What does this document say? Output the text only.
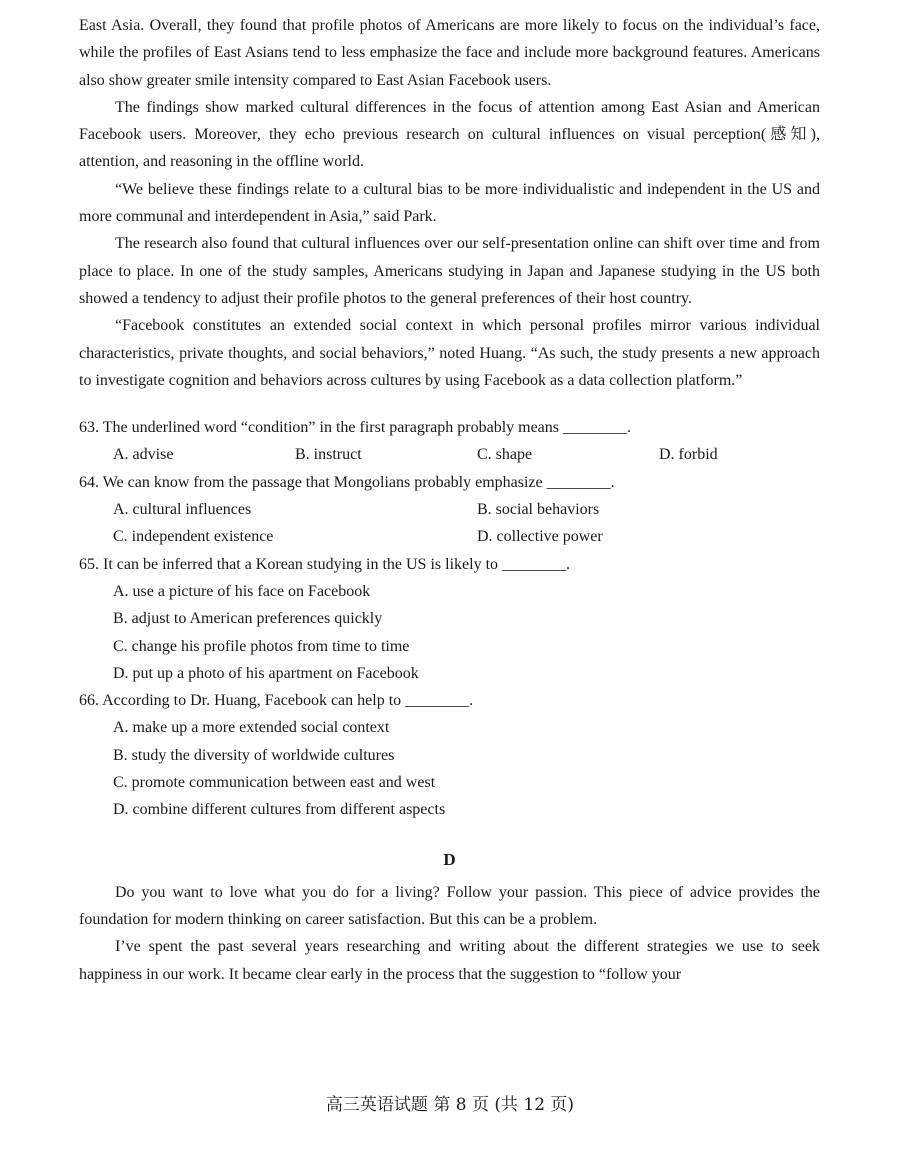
East Asia. Overall, they found that profile photos of Americans are more likely to focus on the individual’s face, while the profiles of East Asians tend to less emphasize the face and include more background features. Americans also show greater smile intensity compared to East Asian Facebook users.

The findings show marked cultural differences in the focus of attention among East Asian and American Facebook users. Moreover, they echo previous research on cultural influences on visual perception(感知), attention, and reasoning in the offline world.

“We believe these findings relate to a cultural bias to be more individualistic and independent in the US and more communal and interdependent in Asia,” said Park.

The research also found that cultural influences over our self-presentation online can shift over time and from place to place. In one of the study samples, Americans studying in Japan and Japanese studying in the US both showed a tendency to adjust their profile photos to the general preferences of their host country.

“Facebook constitutes an extended social context in which personal profiles mirror various individual characteristics, private thoughts, and social behaviors,” noted Huang. “As such, the study presents a new approach to investigate cognition and behaviors across cultures by using Facebook as a data collection platform.”

63. The underlined word “condition” in the first paragraph probably means ________.

A. advise	B. instruct	C. shape	D. forbid

64. We can know from the passage that Mongolians probably emphasize ________.

A. cultural influences	B. social behaviors
C. independent existence	D. collective power

65. It can be inferred that a Korean studying in the US is likely to ________.

A. use a picture of his face on Facebook

B. adjust to American preferences quickly

C. change his profile photos from time to time

D. put up a photo of his apartment on Facebook

66. According to Dr. Huang, Facebook can help to ________.

A. make up a more extended social context

B. study the diversity of worldwide cultures

C. promote communication between east and west

D. combine different cultures from different aspects

D

Do you want to love what you do for a living? Follow your passion. This piece of advice provides the foundation for modern thinking on career satisfaction. But this can be a problem.

I’ve spent the past several years researching and writing about the different strategies we use to seek happiness in our work. It became clear early in the process that the suggestion to “follow your

高三英语试题 第 8 页 (共 12 页)
